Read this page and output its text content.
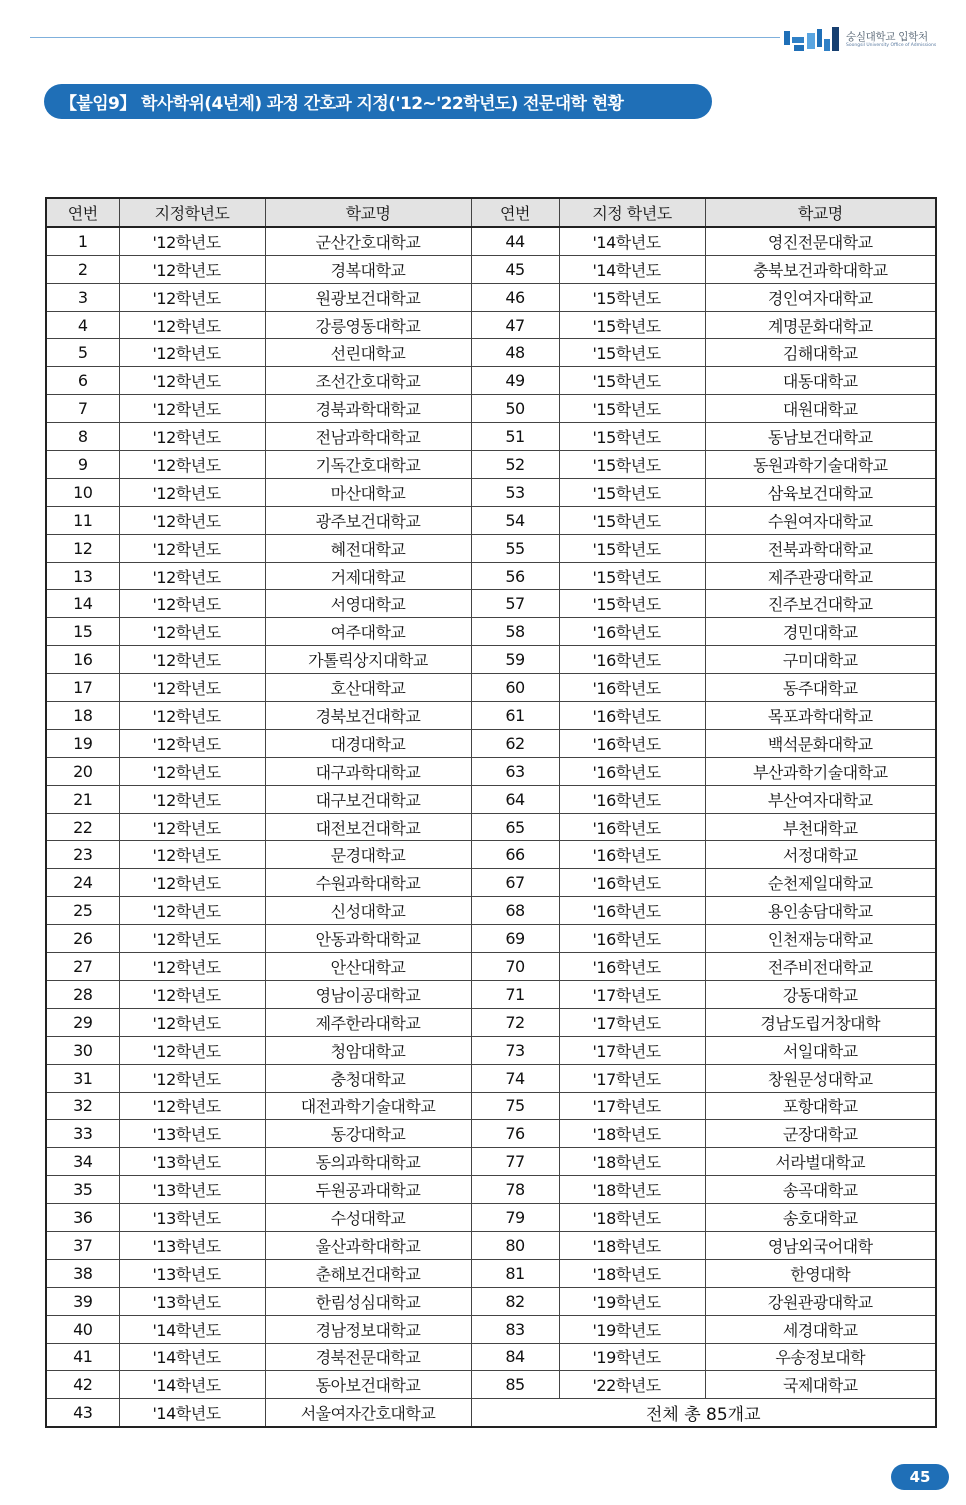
숭실대학교 입학처
Soongsil University Office of Admissions
【붙임9】 학사학위(4년제) 과정 간호과 지정('12~'22학년도) 전문대학 현황
연번	지정학년도	학교명	연번	지정 학년도	학교명
1	'12학년도	군산간호대학교	44	'14학년도	영진전문대학교
2	'12학년도	경복대학교	45	'14학년도	충북보건과학대학교
3	'12학년도	원광보건대학교	46	'15학년도	경인여자대학교
4	'12학년도	강릉영동대학교	47	'15학년도	계명문화대학교
5	'12학년도	선린대학교	48	'15학년도	김해대학교
6	'12학년도	조선간호대학교	49	'15학년도	대동대학교
7	'12학년도	경북과학대학교	50	'15학년도	대원대학교
8	'12학년도	전남과학대학교	51	'15학년도	동남보건대학교
9	'12학년도	기독간호대학교	52	'15학년도	동원과학기술대학교
10	'12학년도	마산대학교	53	'15학년도	삼육보건대학교
11	'12학년도	광주보건대학교	54	'15학년도	수원여자대학교
12	'12학년도	혜전대학교	55	'15학년도	전북과학대학교
13	'12학년도	거제대학교	56	'15학년도	제주관광대학교
14	'12학년도	서영대학교	57	'15학년도	진주보건대학교
15	'12학년도	여주대학교	58	'16학년도	경민대학교
16	'12학년도	가톨릭상지대학교	59	'16학년도	구미대학교
17	'12학년도	호산대학교	60	'16학년도	동주대학교
18	'12학년도	경북보건대학교	61	'16학년도	목포과학대학교
19	'12학년도	대경대학교	62	'16학년도	백석문화대학교
20	'12학년도	대구과학대학교	63	'16학년도	부산과학기술대학교
21	'12학년도	대구보건대학교	64	'16학년도	부산여자대학교
22	'12학년도	대전보건대학교	65	'16학년도	부천대학교
23	'12학년도	문경대학교	66	'16학년도	서정대학교
24	'12학년도	수원과학대학교	67	'16학년도	순천제일대학교
25	'12학년도	신성대학교	68	'16학년도	용인송담대학교
26	'12학년도	안동과학대학교	69	'16학년도	인천재능대학교
27	'12학년도	안산대학교	70	'16학년도	전주비전대학교
28	'12학년도	영남이공대학교	71	'17학년도	강동대학교
29	'12학년도	제주한라대학교	72	'17학년도	경남도립거창대학
30	'12학년도	청암대학교	73	'17학년도	서일대학교
31	'12학년도	충청대학교	74	'17학년도	창원문성대학교
32	'12학년도	대전과학기술대학교	75	'17학년도	포항대학교
33	'13학년도	동강대학교	76	'18학년도	군장대학교
34	'13학년도	동의과학대학교	77	'18학년도	서라벌대학교
35	'13학년도	두원공과대학교	78	'18학년도	송곡대학교
36	'13학년도	수성대학교	79	'18학년도	송호대학교
37	'13학년도	울산과학대학교	80	'18학년도	영남외국어대학
38	'13학년도	춘해보건대학교	81	'18학년도	한영대학
39	'13학년도	한림성심대학교	82	'19학년도	강원관광대학교
40	'14학년도	경남정보대학교	83	'19학년도	세경대학교
41	'14학년도	경북전문대학교	84	'19학년도	우송정보대학
42	'14학년도	동아보건대학교	85	'22학년도	국제대학교
43	'14학년도	서울여자간호대학교	전체 총 85개교		
45
